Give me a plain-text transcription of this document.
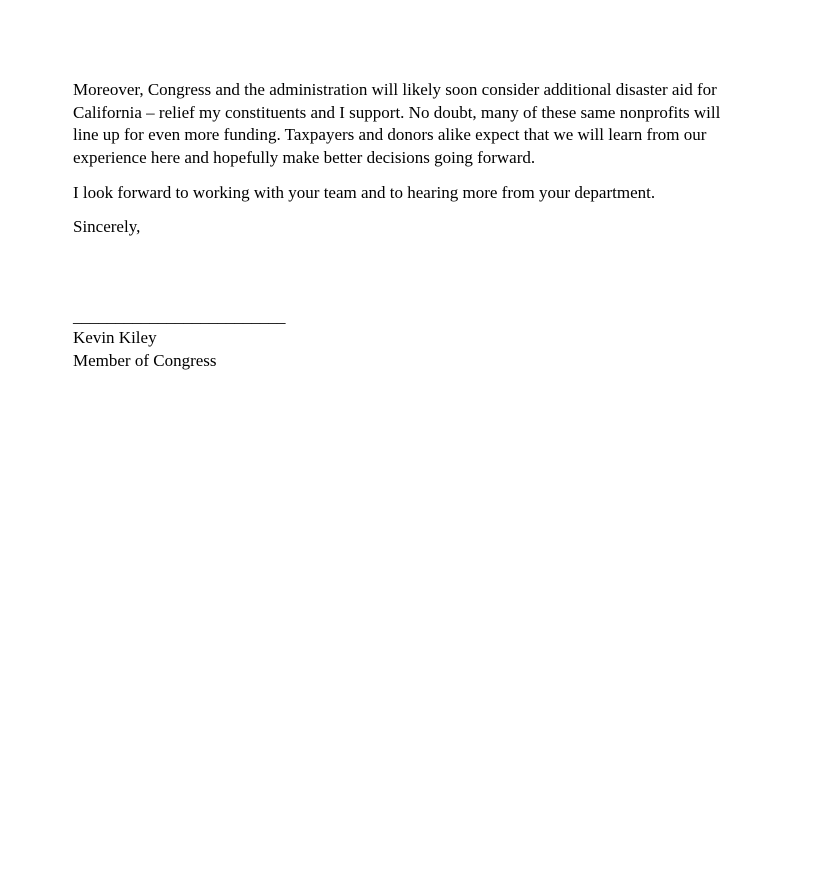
Moreover, Congress and the administration will likely soon consider additional disaster aid for California – relief my constituents and I support. No doubt, many of these same nonprofits will line up for even more funding. Taxpayers and donors alike expect that we will learn from our experience here and hopefully make better decisions going forward.

I look forward to working with your team and to hearing more from your department.

Sincerely,

_________________________
Kevin Kiley
Member of Congress
